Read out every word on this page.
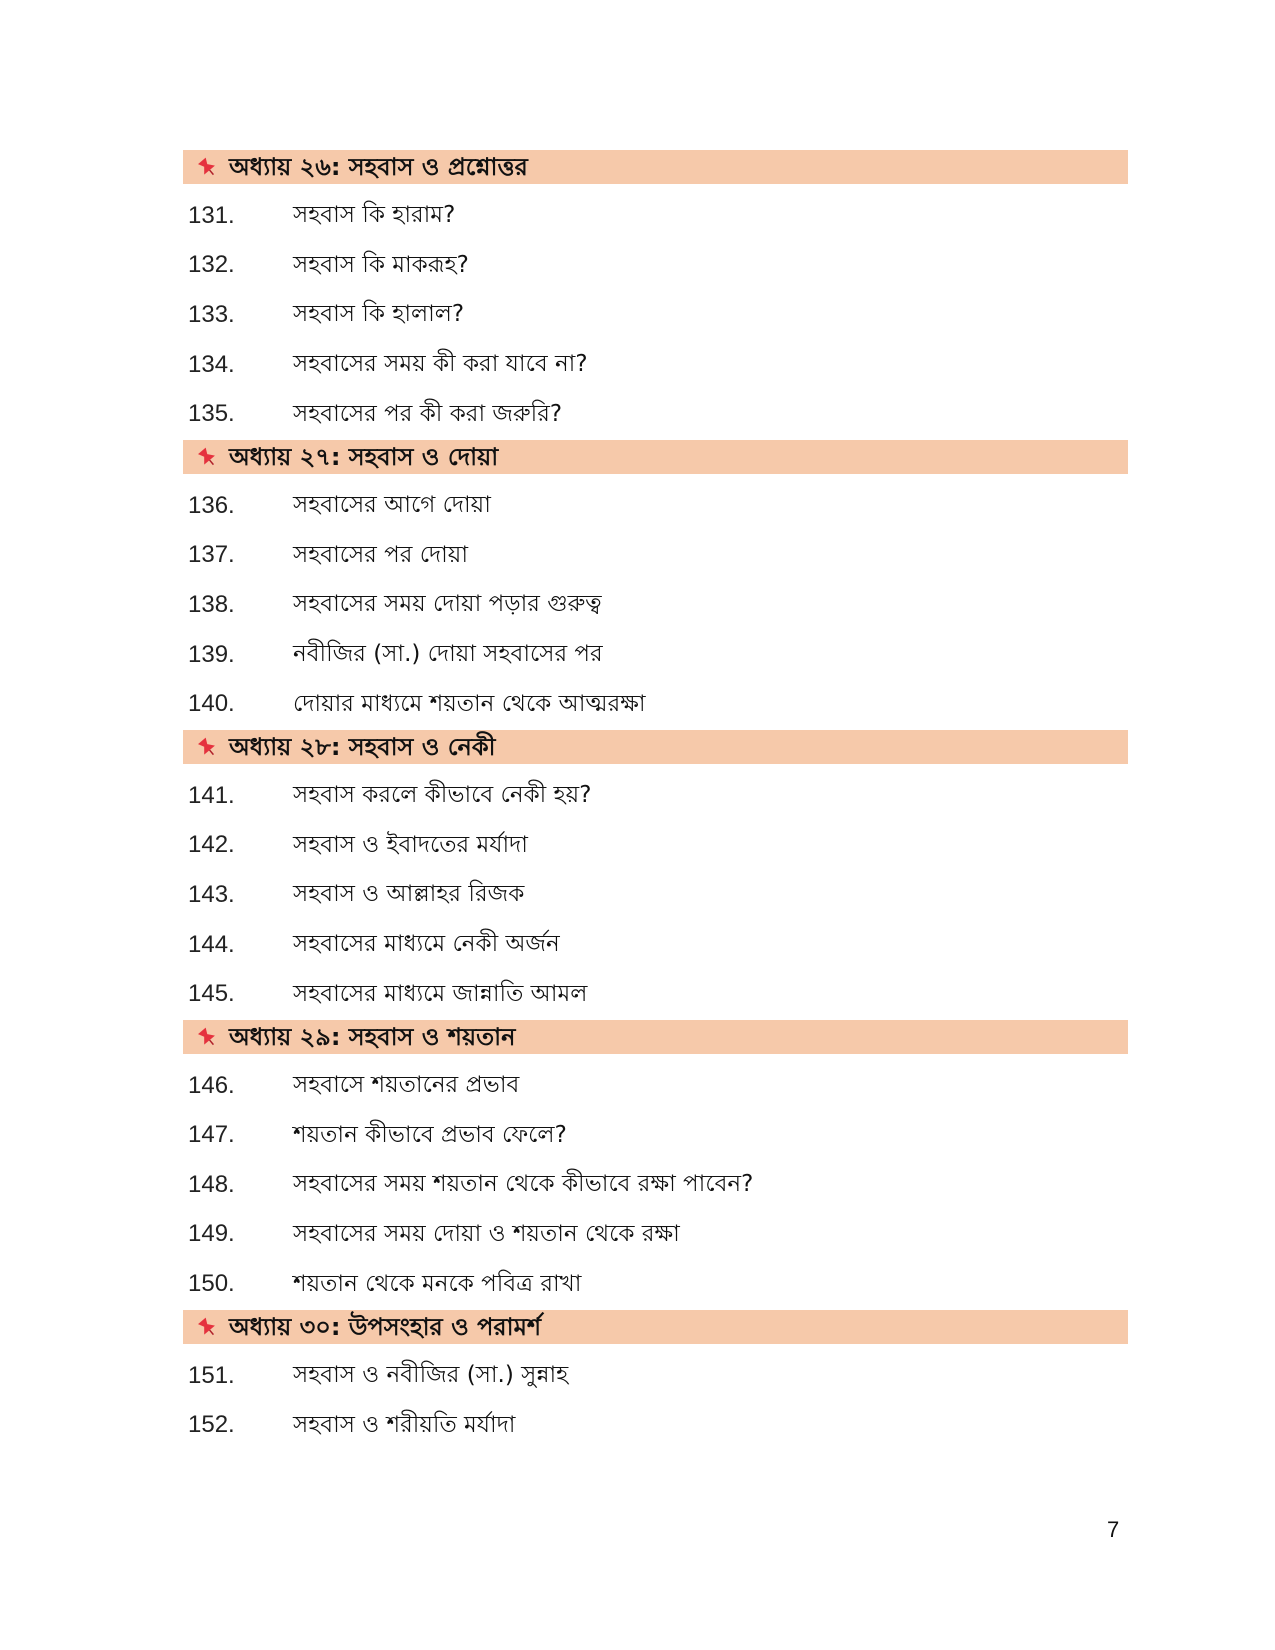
অধ্যায় ২৬: সহবাস ও প্রশ্নোত্তর
131.	সহবাস কি হারাম?
132.	সহবাস কি মাকরূহ?
133.	সহবাস কি হালাল?
134.	সহবাসের সময় কী করা যাবে না?
135.	সহবাসের পর কী করা জরুরি?
অধ্যায় ২৭: সহবাস ও দোয়া
136.	সহবাসের আগে দোয়া
137.	সহবাসের পর দোয়া
138.	সহবাসের সময় দোয়া পড়ার গুরুত্ব
139.	নবীজির (সা.) দোয়া সহবাসের পর
140.	দোয়ার মাধ্যমে শয়তান থেকে আত্মরক্ষা
অধ্যায় ২৮: সহবাস ও নেকী
141.	সহবাস করলে কীভাবে নেকী হয়?
142.	সহবাস ও ইবাদতের মর্যাদা
143.	সহবাস ও আল্লাহর রিজক
144.	সহবাসের মাধ্যমে নেকী অর্জন
145.	সহবাসের মাধ্যমে জান্নাতি আমল
অধ্যায় ২৯: সহবাস ও শয়তান
146.	সহবাসে শয়তানের প্রভাব
147.	শয়তান কীভাবে প্রভাব ফেলে?
148.	সহবাসের সময় শয়তান থেকে কীভাবে রক্ষা পাবেন?
149.	সহবাসের সময় দোয়া ও শয়তান থেকে রক্ষা
150.	শয়তান থেকে মনকে পবিত্র রাখা
অধ্যায় ৩০: উপসংহার ও পরামর্শ
151.	সহবাস ও নবীজির (সা.) সুন্নাহ
152.	সহবাস ও শরীয়তি মর্যাদা
7
